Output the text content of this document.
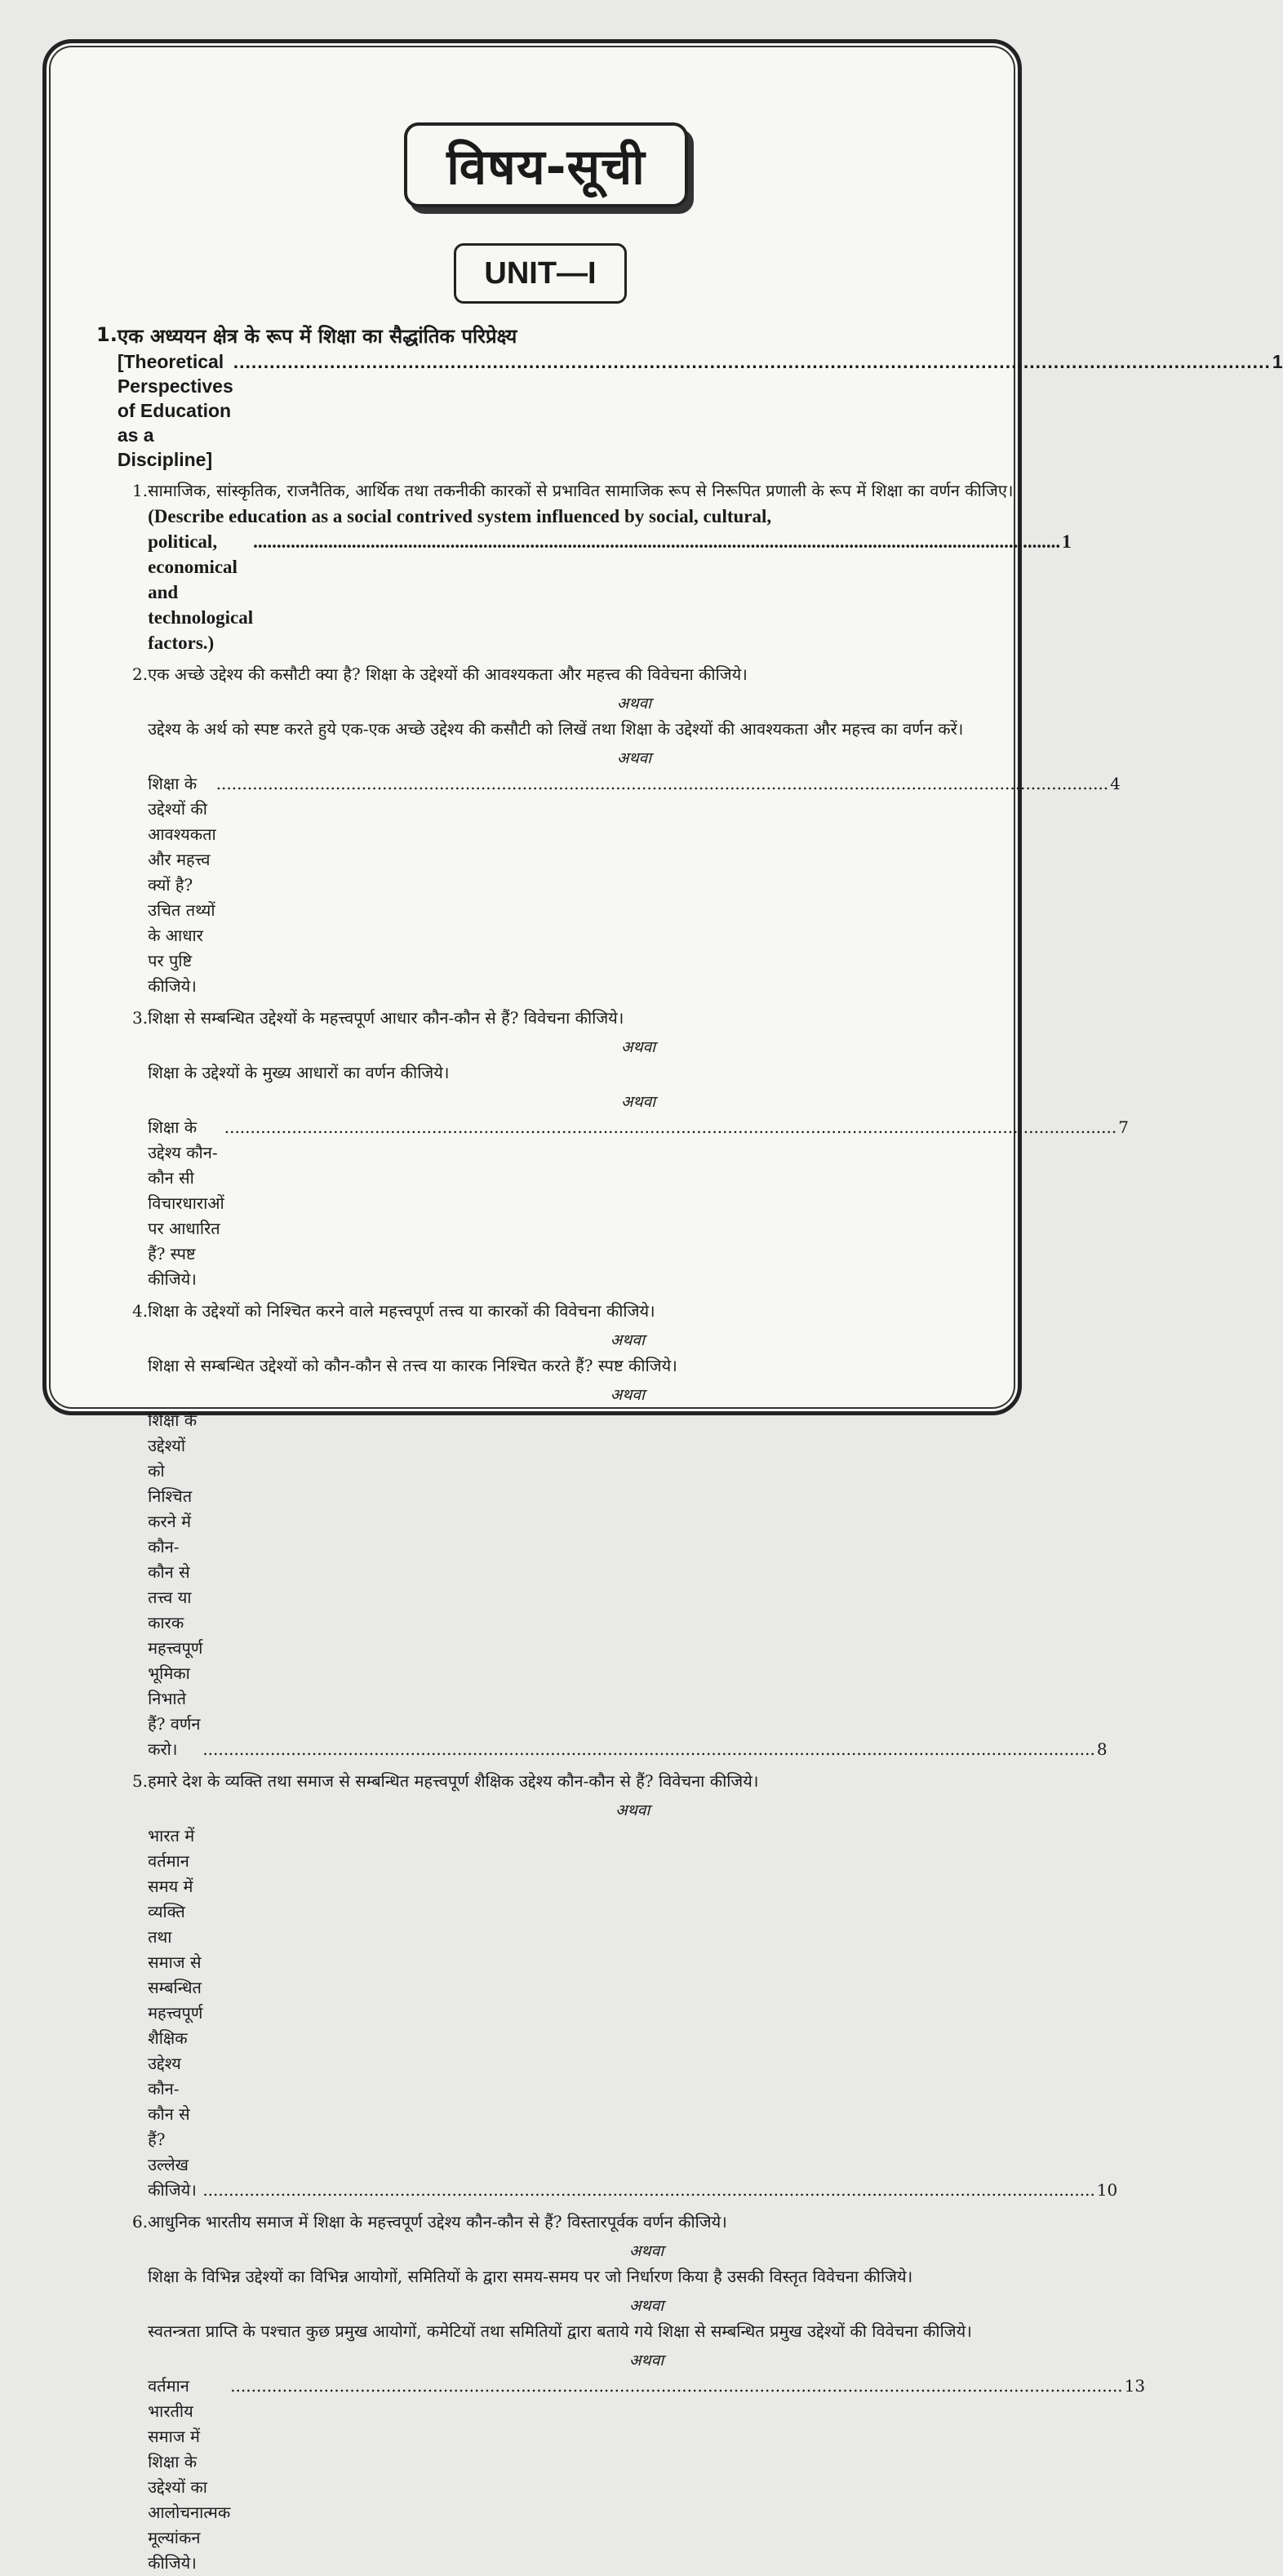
विषय-सूची
UNIT—I
1. एक अध्ययन क्षेत्र के रूप में शिक्षा का सैद्धांतिक परिप्रेक्ष्य
[Theoretical Perspectives of Education as a Discipline]
.....
1
1. सामाजिक, सांस्कृतिक, राजनैतिक, आर्थिक तथा तकनीकी कारकों से प्रभावित सामाजिक रूप से निरूपित प्रणाली के रूप में शिक्षा का वर्णन कीजिए।
(Describe education as a social contrived system influenced by social, cultural,
political, economical and technological factors.)
.....
1
2. एक अच्छे उद्देश्य की कसौटी क्या है? शिक्षा के उद्देश्यों की आवश्यकता और महत्त्व की विवेचना कीजिये।
अथवा
उद्देश्य के अर्थ को स्पष्ट करते हुये एक-एक अच्छे उद्देश्य की कसौटी को लिखें तथा शिक्षा के उद्देश्यों की आवश्यकता और महत्त्व का वर्णन करें।
अथवा
शिक्षा के उद्देश्यों की आवश्यकता और महत्त्व क्यों है? उचित तथ्यों के आधार पर पुष्टि कीजिये।
.....
4
3. शिक्षा से सम्बन्धित उद्देश्यों के महत्त्वपूर्ण आधार कौन-कौन से हैं? विवेचना कीजिये।
अथवा
शिक्षा के उद्देश्यों के मुख्य आधारों का वर्णन कीजिये।
अथवा
शिक्षा के उद्देश्य कौन-कौन सी विचारधाराओं पर आधारित हैं? स्पष्ट कीजिये।
.....
7
4. शिक्षा के उद्देश्यों को निश्चित करने वाले महत्त्वपूर्ण तत्त्व या कारकों की विवेचना कीजिये।
अथवा
शिक्षा से सम्बन्धित उद्देश्यों को कौन-कौन से तत्त्व या कारक निश्चित करते हैं? स्पष्ट कीजिये।
अथवा
शिक्षा के उद्देश्यों को निश्चित करने में कौन-कौन से तत्त्व या कारक महत्त्वपूर्ण भूमिका निभाते हैं? वर्णन करो। .....	8
5. हमारे देश के व्यक्ति तथा समाज से सम्बन्धित महत्त्वपूर्ण शैक्षिक उद्देश्य कौन-कौन से हैं? विवेचना कीजिये।
अथवा
भारत में वर्तमान समय में व्यक्ति तथा समाज से सम्बन्धित महत्त्वपूर्ण शैक्षिक उद्देश्य कौन-कौन से हैं? उल्लेख कीजिये। .....	10
6. आधुनिक भारतीय समाज में शिक्षा के महत्त्वपूर्ण उद्देश्य कौन-कौन से हैं? विस्तारपूर्वक वर्णन कीजिये।
अथवा
शिक्षा के विभिन्न उद्देश्यों का विभिन्न आयोगों, समितियों के द्वारा समय-समय पर जो निर्धारण किया है उसकी विस्तृत विवेचना कीजिये।
अथवा
स्वतन्त्रता प्राप्ति के पश्चात कुछ प्रमुख आयोगों, कमेटियों तथा समितियों द्वारा बताये गये शिक्षा से सम्बन्धित प्रमुख उद्देश्यों की विवेचना कीजिये।
अथवा
वर्तमान भारतीय समाज में शिक्षा के उद्देश्यों का आलोचनात्मक मूल्यांकन कीजिये।
.....
13
